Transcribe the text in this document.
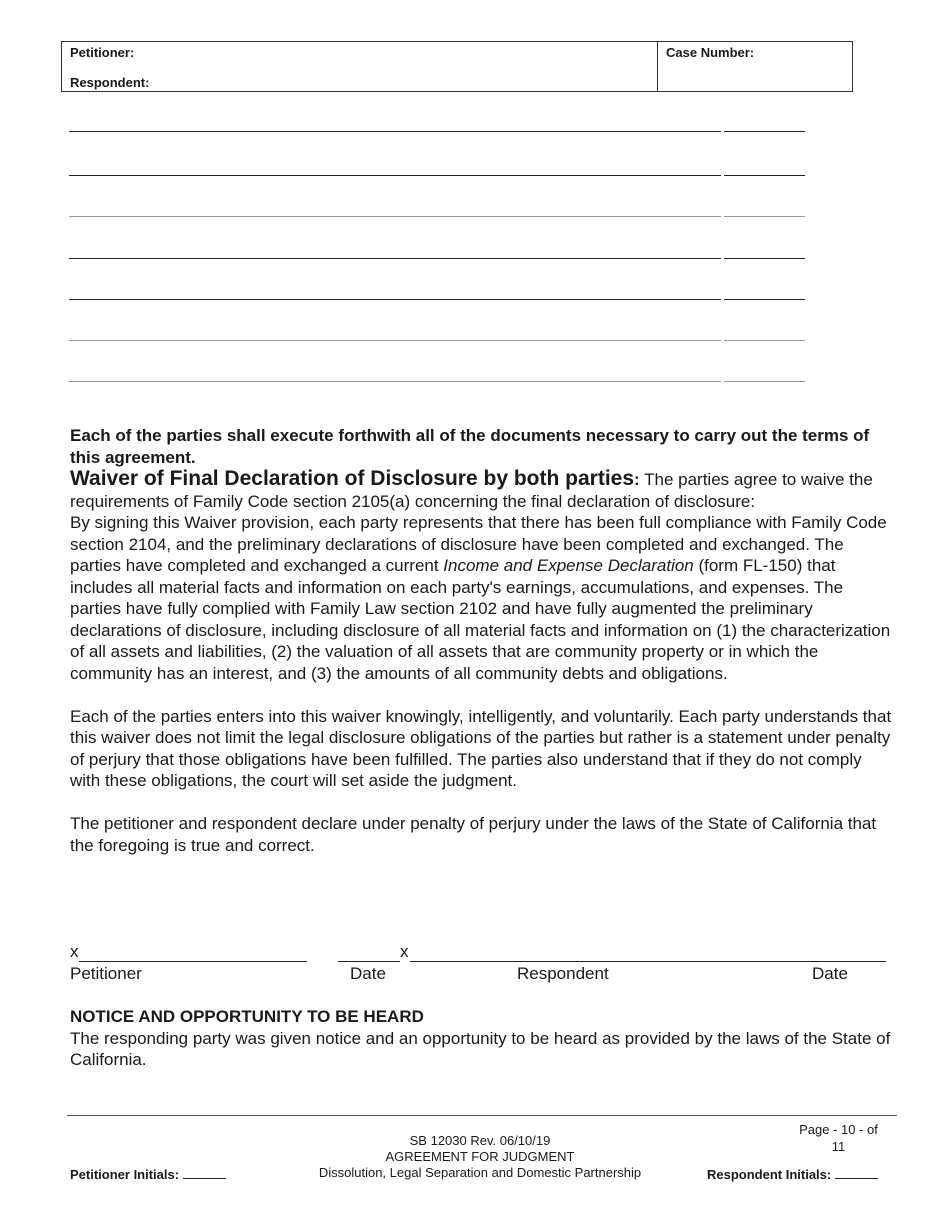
Petitioner:
Respondent:
Case Number:

Each of the parties shall execute forthwith all of the documents necessary to carry out the terms of this agreement.

Waiver of Final Declaration of Disclosure by both parties: The parties agree to waive the requirements of Family Code section 2105(a) concerning the final declaration of disclosure:

By signing this Waiver provision, each party represents that there has been full compliance with Family Code section 2104, and the preliminary declarations of disclosure have been completed and exchanged. The parties have completed and exchanged a current Income and Expense Declaration (form FL-150) that includes all material facts and information on each party's earnings, accumulations, and expenses. The parties have fully complied with Family Law section 2102 and have fully augmented the preliminary declarations of disclosure, including disclosure of all material facts and information on (1) the characterization of all assets and liabilities, (2) the valuation of all assets that are community property or in which the community has an interest, and (3) the amounts of all community debts and obligations.

Each of the parties enters into this waiver knowingly, intelligently, and voluntarily. Each party understands that this waiver does not limit the legal disclosure obligations of the parties but rather is a statement under penalty of perjury that those obligations have been fulfilled. The parties also understand that if they do not comply with these obligations, the court will set aside the judgment.

The petitioner and respondent declare under penalty of perjury under the laws of the State of California that the foregoing is true and correct.

x	x
Petitioner	Date	Respondent	Date

NOTICE AND OPPORTUNITY TO BE HEARD

The responding party was given notice and an opportunity to be heard as provided by the laws of the State of California.

Page - 10 - of
11
SB 12030 Rev. 06/10/19
AGREEMENT FOR JUDGMENT
Dissolution, Legal Separation and Domestic Partnership
Petitioner Initials:	Respondent Initials:
